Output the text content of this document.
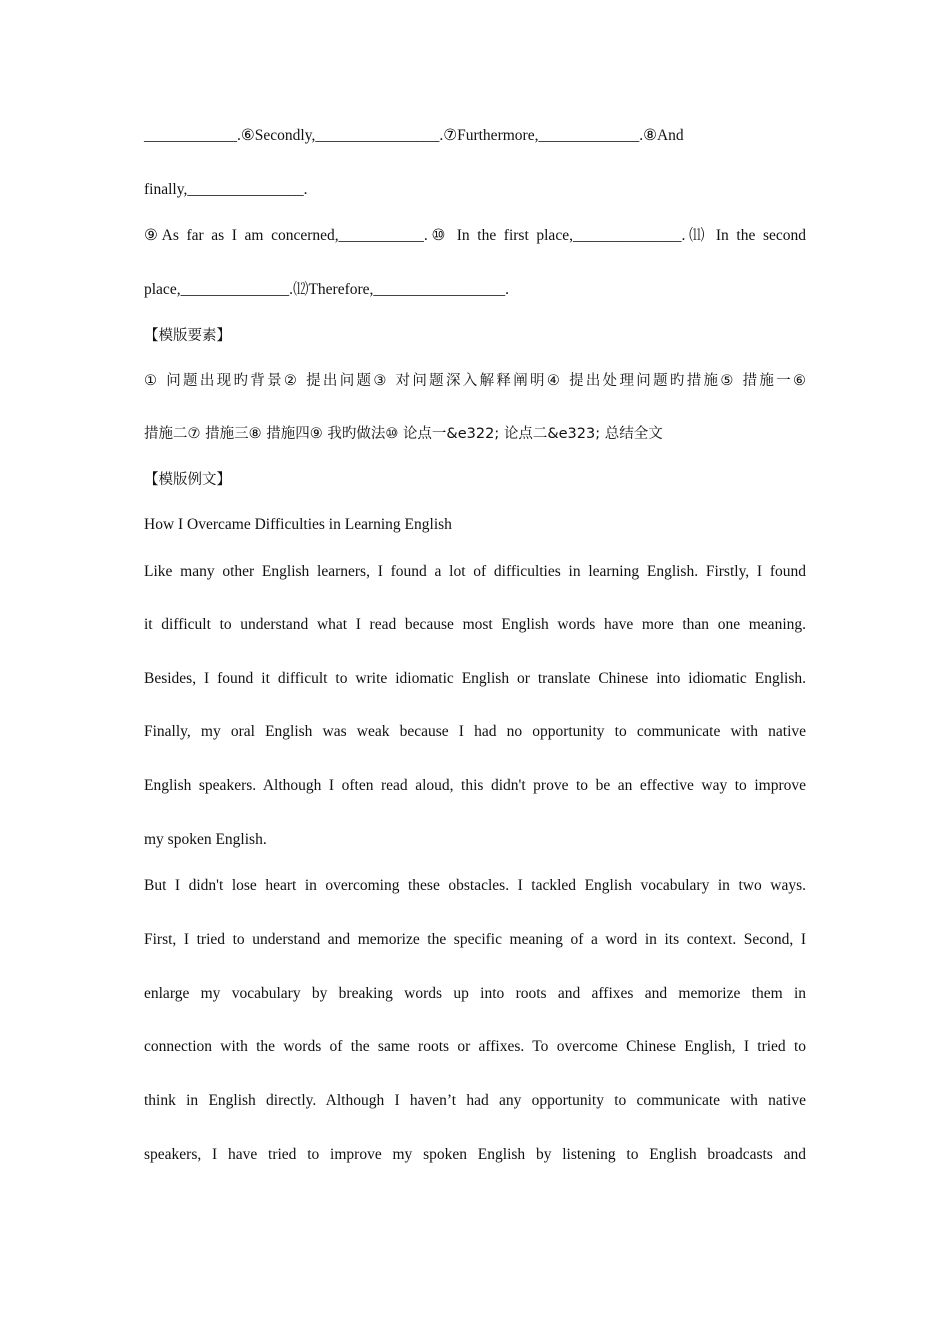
____________.⑥Secondly,________________.⑦Furthermore,_____________.⑧And
finally,_______________.
⑨As far as I am concerned,___________.⑩ In the first place,______________.⑾ In the second
place,______________.⑿Therefore,_________________.
【模版要素】
① 问题出现旳背景② 提出问题③ 对问题深入解释阐明④ 提出处理问题旳措施⑤ 措施一⑥
措施二⑦ 措施三⑧ 措施四⑨ 我旳做法⑩ 论点一&e322; 论点二&e323; 总结全文
【模版例文】
How I Overcame Difficulties in Learning English
Like many other English learners, I found a lot of difficulties in learning English. Firstly, I found
it difficult to understand what I read because most English words have more than one meaning.
Besides, I found it difficult to write idiomatic English or translate Chinese into idiomatic English.
Finally, my oral English was weak because I had no opportunity to communicate with native
English speakers. Although I often read aloud, this didn't prove to be an effective way to improve
my spoken English.
But I didn't lose heart in overcoming these obstacles. I tackled English vocabulary in two ways.
First, I tried to understand and memorize the specific meaning of a word in its context. Second, I
enlarge my vocabulary by breaking words up into roots and affixes and memorize them in
connection with the words of the same roots or affixes. To overcome Chinese English, I tried to
think in English directly. Although I haven’t had any opportunity to communicate with native
speakers, I have tried to improve my spoken English by listening to English broadcasts and
